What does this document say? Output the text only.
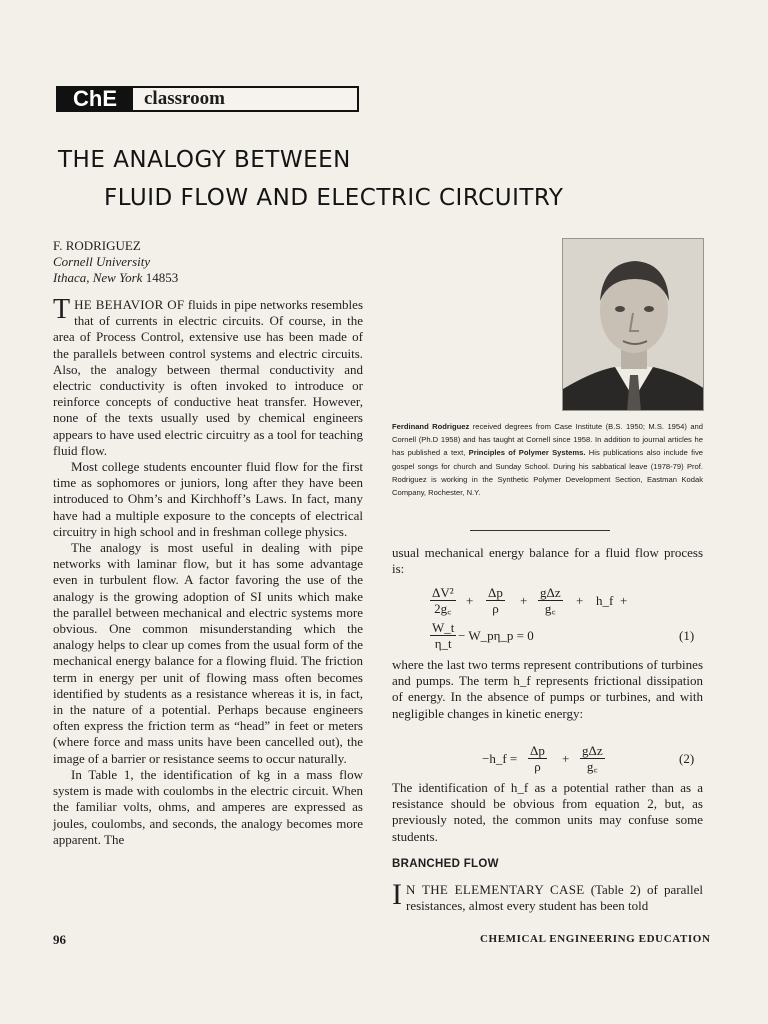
ChE	classroom
THE ANALOGY BETWEEN
FLUID FLOW AND ELECTRIC CIRCUITRY
F. RODRIGUEZ
Cornell University
Ithaca, New York 14853

THE BEHAVIOR OF fluids in pipe networks resembles that of currents in electric circuits. Of course, in the area of Process Control, extensive use has been made of the parallels between control systems and electric circuits. Also, the analogy between thermal conductivity and electric conductivity is often invoked to introduce or reinforce concepts of conductive heat transfer. However, none of the texts usually used by chemical engineers appears to have used electric circuitry as a tool for teaching fluid flow.

Most college students encounter fluid flow for the first time as sophomores or juniors, long after they have been introduced to Ohm’s and Kirchhoff’s Laws. In fact, many have had a multiple exposure to the concepts of electrical circuitry in high school and in freshman college physics.

The analogy is most useful in dealing with pipe networks with laminar flow, but it has some advantage even in turbulent flow. A factor favoring the use of the analogy is the growing adoption of SI units which make the parallel between mechanical and electric systems more obvious. One common misunderstanding which the analogy helps to clear up comes from the usual form of the mechanical energy balance for a flowing fluid. The friction term in energy per unit of flowing mass often becomes identified by students as a resistance whereas it is, in fact, in the nature of a potential. Perhaps because engineers often express the friction term as “head” in feet or meters (where force and mass units have been cancelled out), the image of a barrier or resistance seems to occur naturally.

In Table 1, the identification of kg in a mass flow system is made with coulombs in the electric circuit. When the familiar volts, ohms, and amperes are expressed as joules, coulombs, and seconds, the analogy becomes more apparent. The

Ferdinand Rodriguez received degrees from Case Institute (B.S. 1950; M.S. 1954) and Cornell (Ph.D 1958) and has taught at Cornell since 1958. In addition to journal articles he has published a text, Principles of Polymer Systems. His publications also include five gospel songs for church and Sunday School. During his sabbatical leave (1978-79) Prof. Rodriguez is working in the Synthetic Polymer Development Section, Eastman Kodak Company, Rochester, N.Y.
usual mechanical energy balance for a fluid flow process is:
$\frac{\text{ΔV²}}{2g꜀} + \frac{\Delta p}{\rho}$ +
gΔz
g꜀
+ h_f +
$\frac{W\_t}{\eta\_t}$ − W_pη_p = 0	(1)
where the last two terms represent contributions of turbines and pumps. The term h_f represents frictional dissipation of energy. In the absence of pumps or turbines, and with negligible changes in kinetic energy:
−h_f = $\frac{\Delta p}{\rho}$ +
gΔz
g꜀
(2)
The identification of h_f as a potential rather than as a resistance should be obvious from equation 2, but, as previously noted, the common units may confuse some students.
BRANCHED FLOW
I N THE ELEMENTARY CASE (Table 2) of parallel resistances, almost every student has been told
96	CHEMICAL ENGINEERING EDUCATION
